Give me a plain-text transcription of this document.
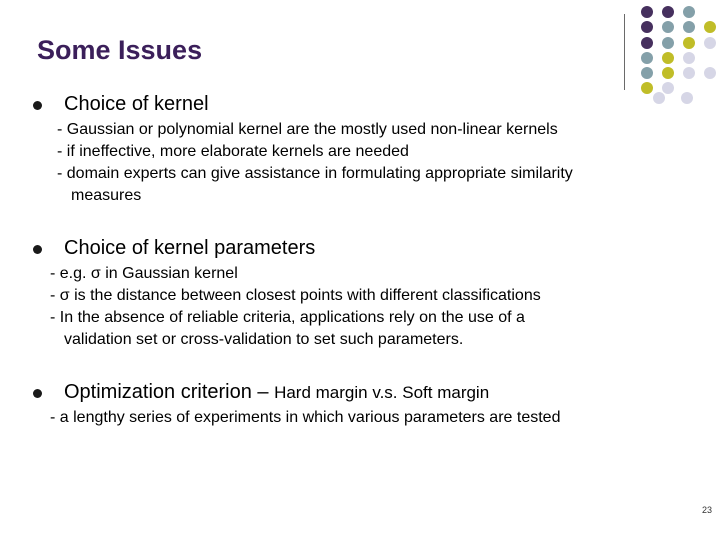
Some Issues
Choice of kernel
- Gaussian or polynomial kernel are the mostly used non-linear kernels
- if ineffective, more elaborate kernels are needed
- domain experts can give assistance in formulating appropriate similarity
measures
Choice of kernel parameters
- e.g. σ in Gaussian kernel
- σ is the distance between closest points with different classifications
- In the absence of reliable criteria, applications rely on the use of a
validation set or cross-validation to set such parameters.
Optimization criterion – Hard margin v.s. Soft margin
- a lengthy series of experiments in which various parameters are tested
23
